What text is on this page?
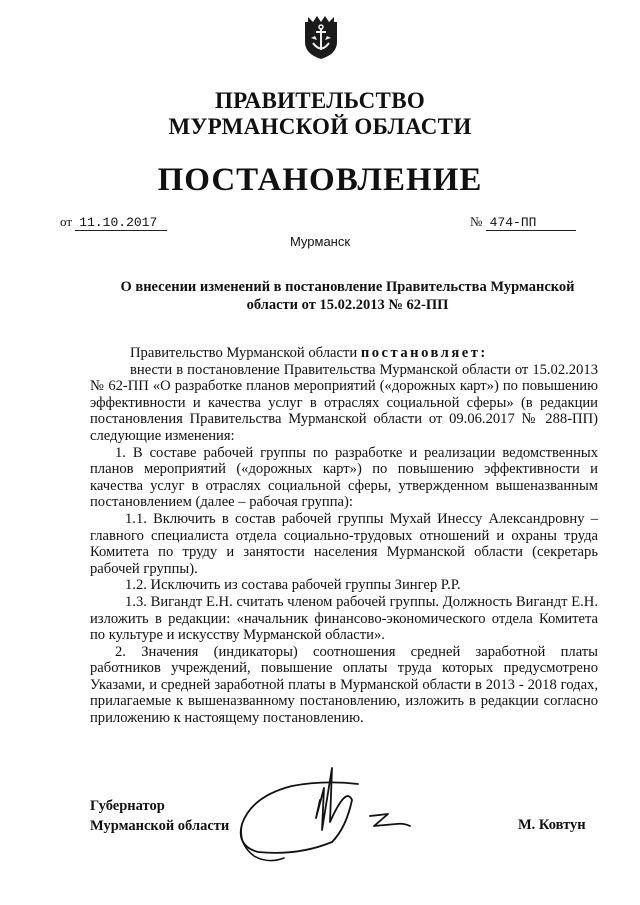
ПРАВИТЕЛЬСТВО
МУРМАНСКОЙ ОБЛАСТИ
ПОСТАНОВЛЕНИЕ
от 11.10.2017	№ 474-ПП
Мурманск
О внесении изменений в постановление Правительства Мурманской области от 15.02.2013 № 62-ПП

Правительство Мурманской области постановляет:

внести в постановление Правительства Мурманской области от 15.02.2013 № 62-ПП «О разработке планов мероприятий («дорожных карт») по повышению эффективности и качества услуг в отраслях социальной сферы» (в редакции постановления Правительства Мурманской области от 09.06.2017 № 288-ПП) следующие изменения:

1. В составе рабочей группы по разработке и реализации ведомственных планов мероприятий («дорожных карт») по повышению эффективности и качества услуг в отраслях социальной сферы, утвержденном вышеназванным постановлением (далее – рабочая группа):

1.1. Включить в состав рабочей группы Мухай Инессу Александровну – главного специалиста отдела социально-трудовых отношений и охраны труда Комитета по труду и занятости населения Мурманской области (секретарь рабочей группы).

1.2. Исключить из состава рабочей группы Зингер Р.Р.

1.3. Вигандт Е.Н. считать членом рабочей группы. Должность Вигандт Е.Н. изложить в редакции: «начальник финансово-экономического отдела Комитета по культуре и искусству Мурманской области».

2. Значения (индикаторы) соотношения средней заработной платы работников учреждений, повышение оплаты труда которых предусмотрено Указами, и средней заработной платы в Мурманской области в 2013 - 2018 годах, прилагаемые к вышеназванному постановлению, изложить в редакции согласно приложению к настоящему постановлению.

Губернатор
Мурманской области	М. Ковтун
